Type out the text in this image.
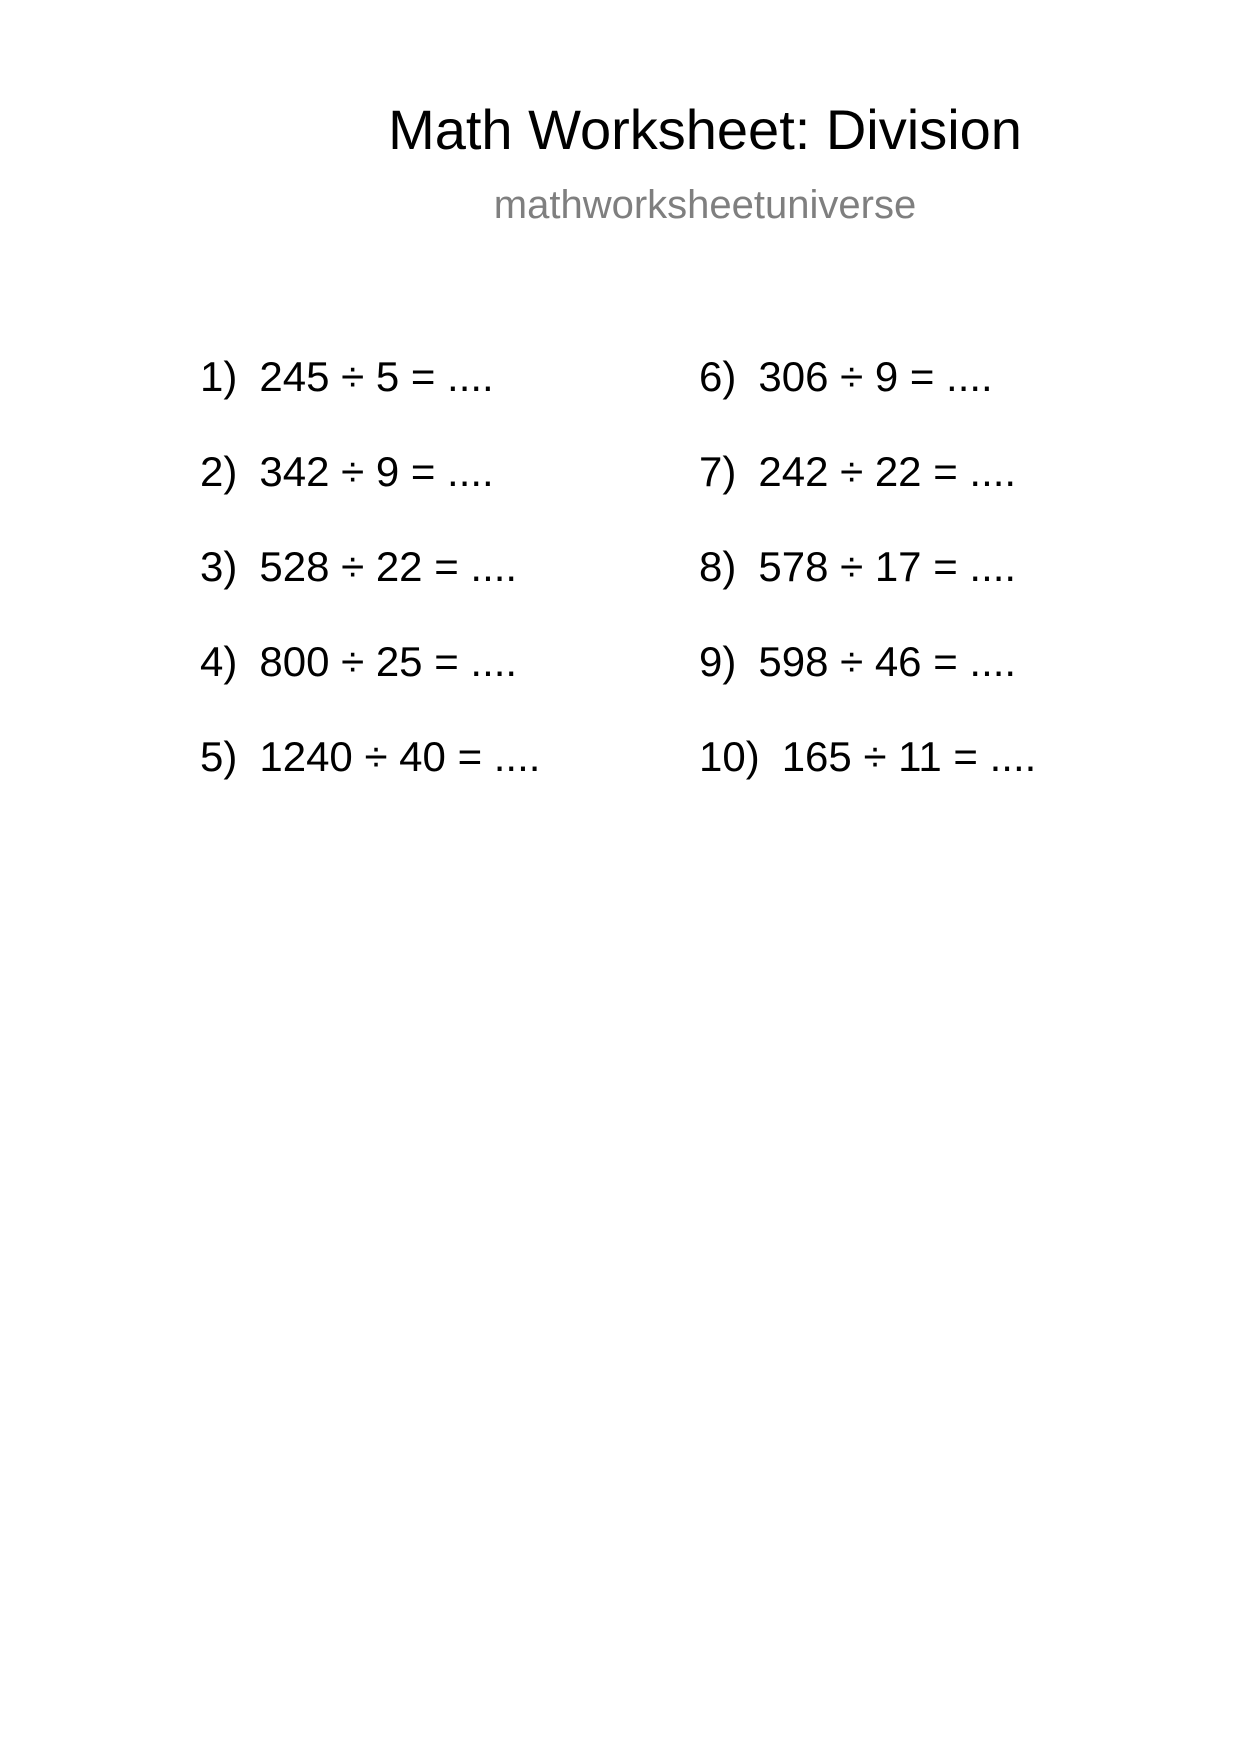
Math Worksheet: Division
mathworksheetuniverse
1) 245 ÷ 5 = ....
2) 342 ÷ 9 = ....
3) 528 ÷ 22 = ....
4) 800 ÷ 25 = ....
5) 1240 ÷ 40 = ....
6) 306 ÷ 9 = ....
7) 242 ÷ 22 = ....
8) 578 ÷ 17 = ....
9) 598 ÷ 46 = ....
10) 165 ÷ 11 = ....
